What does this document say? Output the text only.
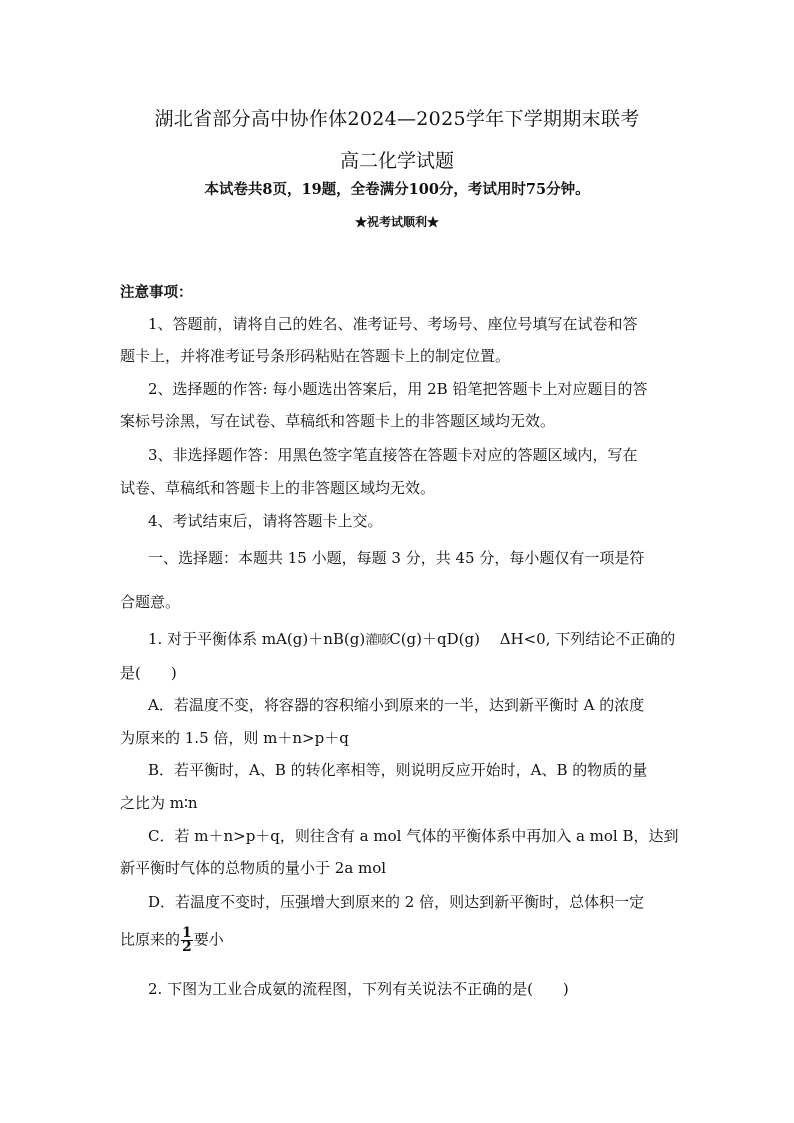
湖北省部分高中协作体2024—2025学年下学期期末联考
高二化学试题
本试卷共8页，19题，全卷满分100分，考试用时75分钟。
★祝考试顺利★
注意事项：
1、答题前，请将自己的姓名、准考证号、考场号、座位号填写在试卷和答
题卡上，并将准考证号条形码粘贴在答题卡上的制定位置。
2、选择题的作答: 每小题选出答案后，用 2B 铅笔把答题卡上对应题目的答
案标号涂黑，写在试卷、草稿纸和答题卡上的非答题区域均无效。
3、非选择题作答：用黑色签字笔直接答在答题卡对应的答题区域内，写在
试卷、草稿纸和答题卡上的非答题区域均无效。
4、考试结束后，请将答题卡上交。
一、选择题：本题共 15 小题，每题 3 分，共 45 分，每小题仅有一项是符
合题意。
1. 对于平衡体系 mA(g)＋nB(g)灌嘭C(g)＋qD(g)　 ΔH<0, 下列结论不正确的
是(　　)
A．若温度不变，将容器的容积缩小到原来的一半，达到新平衡时 A 的浓度
为原来的 1.5 倍，则 m＋n>p＋q
B．若平衡时，A、B 的转化率相等，则说明反应开始时，A、B 的物质的量
之比为 m∶n
C．若 m＋n>p＋q，则往含有 a mol 气体的平衡体系中再加入 a mol B，达到
新平衡时气体的总物质的量小于 2a mol
D．若温度不变时，压强增大到原来的 2 倍，则达到新平衡时，总体积一定
比原来的 $\frac{1}{2}$ 要小
2. 下图为工业合成氨的流程图，下列有关说法不正确的是(　　)
